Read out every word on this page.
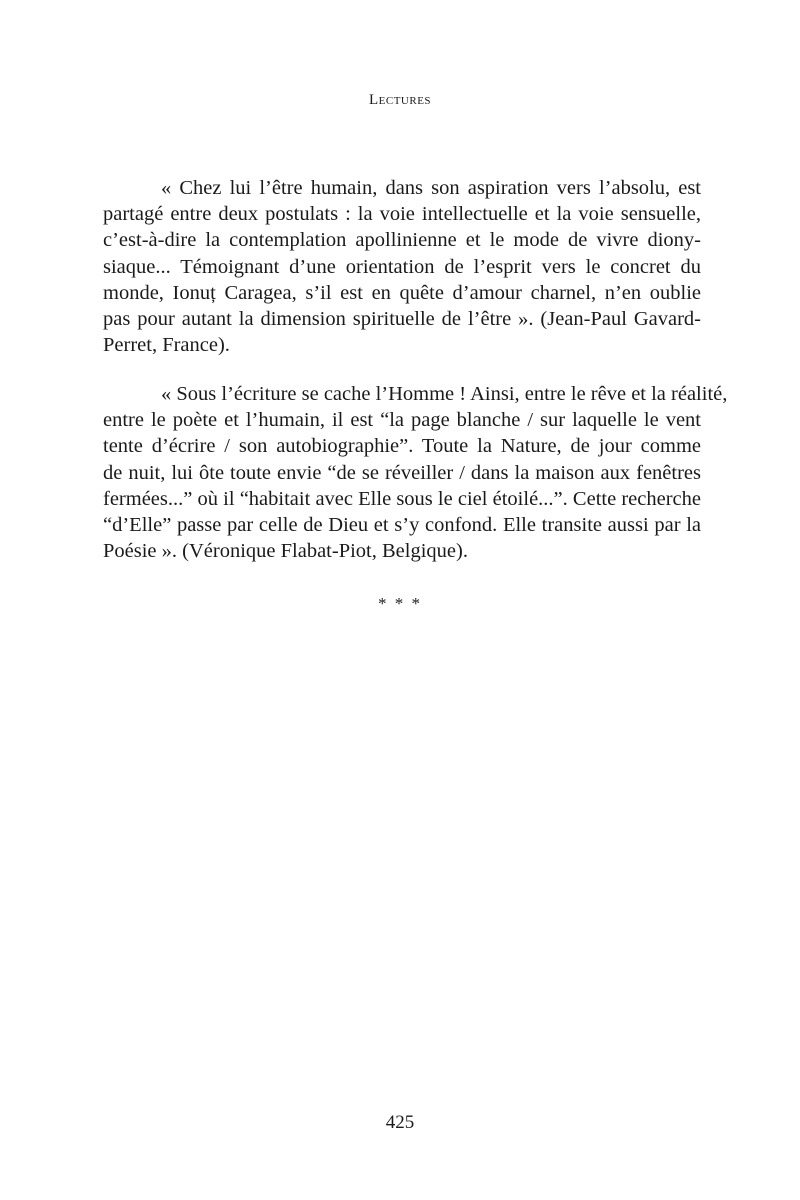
Lectures
« Chez lui l’être humain, dans son aspiration vers l’absolu, est
partagé entre deux postulats : la voie intellectuelle et la voie sensuelle,
c’est-à-dire la contemplation apollinienne et le mode de vivre diony-
siaque... Témoignant d’une orientation de l’esprit vers le concret du
monde, Ionuț Caragea, s’il est en quête d’amour charnel, n’en oublie
pas pour autant la dimension spirituelle de l’être ». (Jean-Paul Gavard-
Perret, France).
« Sous l’écriture se cache l’Homme ! Ainsi, entre le rêve et la réalité,
entre le poète et l’humain, il est “la page blanche / sur laquelle le vent
tente d’écrire / son autobiographie”. Toute la Nature, de jour comme
de nuit, lui ôte toute envie “de se réveiller / dans la maison aux fenêtres
fermées...” où il “habitait avec Elle sous le ciel étoilé...”. Cette recherche
“d’Elle” passe par celle de Dieu et s’y confond. Elle transite aussi par la
Poésie ». (Véronique Flabat-Piot, Belgique).
* * *
425
